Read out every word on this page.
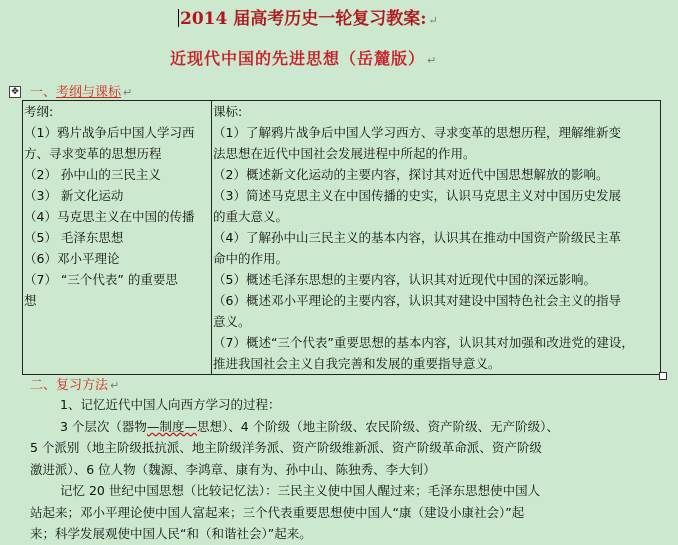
2014 届高考历史一轮复习教案: ↵
近现代中国的先进思想（岳麓版） ↵
✥ 一、考纲与课标 ↵
考纲:
（1）鸦片战争后中国人学习西
方、寻求变革的思想历程
（2） 孙中山的三民主义
（3） 新文化运动
（4）马克思主义在中国的传播
（5） 毛泽东思想
（6）邓小平理论
（7） “三个代表” 的重要思
想

课标:
（1）了解鸦片战争后中国人学习西方、寻求变革的思想历程，理解维新变
法思想在近代中国社会发展进程中所起的作用。
（2）概述新文化运动的主要内容，探讨其对近代中国思想解放的影响。
（3）简述马克思主义在中国传播的史实，认识马克思主义对中国历史发展
的重大意义。
（4）了解孙中山三民主义的基本内容，认识其在推动中国资产阶级民主革
命中的作用。
（5）概述毛泽东思想的主要内容，认识其对近现代中国的深远影响。
（6）概述邓小平理论的主要内容，认识其对建设中国特色社会主义的指导
意义。
（7）概述“三个代表”重要思想的基本内容，认识其对加强和改进党的建设，
推进我国社会主义自我完善和发展的重要指导意义。
二、复习方法 ↵
1、记忆近代中国人向西方学习的过程：
3 个层次（器物—制度—思想）、4 个阶级（地主阶级、农民阶级、资产阶级、无产阶级）、
5 个派别（地主阶级抵抗派、地主阶级洋务派、资产阶级维新派、资产阶级革命派、资产阶级
激进派）、6 位人物（魏源、李鸿章、康有为、孙中山、陈独秀、李大钊）
记忆 20 世纪中国思想（比较记忆法）：三民主义使中国人醒过来；毛泽东思想使中国人
站起来；邓小平理论使中国人富起来；三个代表重要思想使中国人“康（建设小康社会）”起
来；科学发展观使中国人民“和（和谐社会）”起来。
